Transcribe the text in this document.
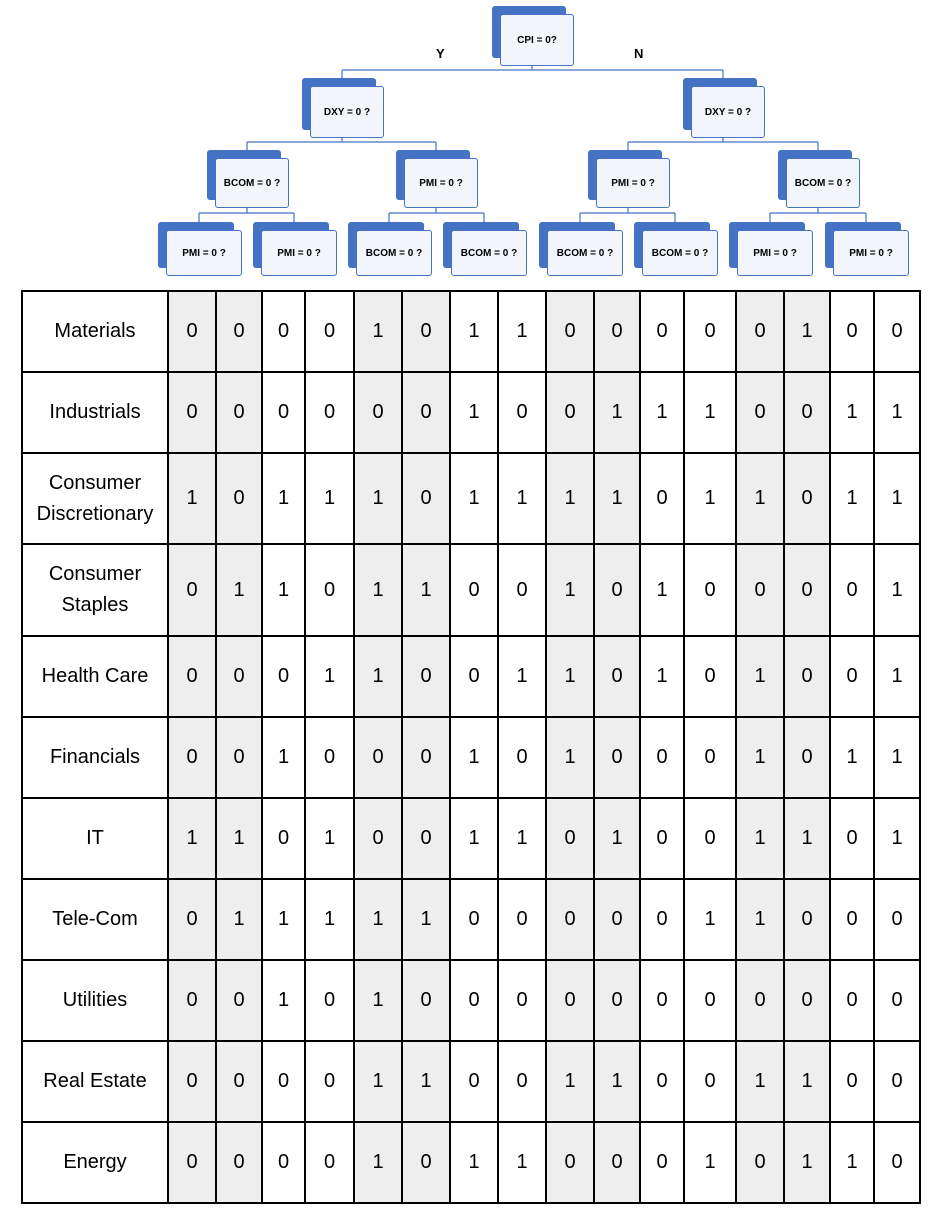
Y	N
CPI = 0?
DXY = 0 ?	DXY = 0 ?
BCOM = 0 ?	PMI = 0 ?	PMI = 0 ?	BCOM = 0 ?
PMI = 0 ?	PMI = 0 ?	BCOM = 0 ?	BCOM = 0 ?	BCOM = 0 ?	BCOM = 0 ?	PMI = 0 ?	PMI = 0 ?
Materials	0	0	0	0	1	0	1	1	0	0	0	0	0	1	0	0
Industrials	0	0	0	0	0	0	1	0	0	1	1	1	0	0	1	1
Consumer Discretionary	1	0	1	1	1	0	1	1	1	1	0	1	1	0	1	1
Consumer Staples	0	1	1	0	1	1	0	0	1	0	1	0	0	0	0	1
Health Care	0	0	0	1	1	0	0	1	1	0	1	0	1	0	0	1
Financials	0	0	1	0	0	0	1	0	1	0	0	0	1	0	1	1
IT	1	1	0	1	0	0	1	1	0	1	0	0	1	1	0	1
Tele-Com	0	1	1	1	1	1	0	0	0	0	0	1	1	0	0	0
Utilities	0	0	1	0	1	0	0	0	0	0	0	0	0	0	0	0
Real Estate	0	0	0	0	1	1	0	0	1	1	0	0	1	1	0	0
Energy	0	0	0	0	1	0	1	1	0	0	0	1	0	1	1	0
